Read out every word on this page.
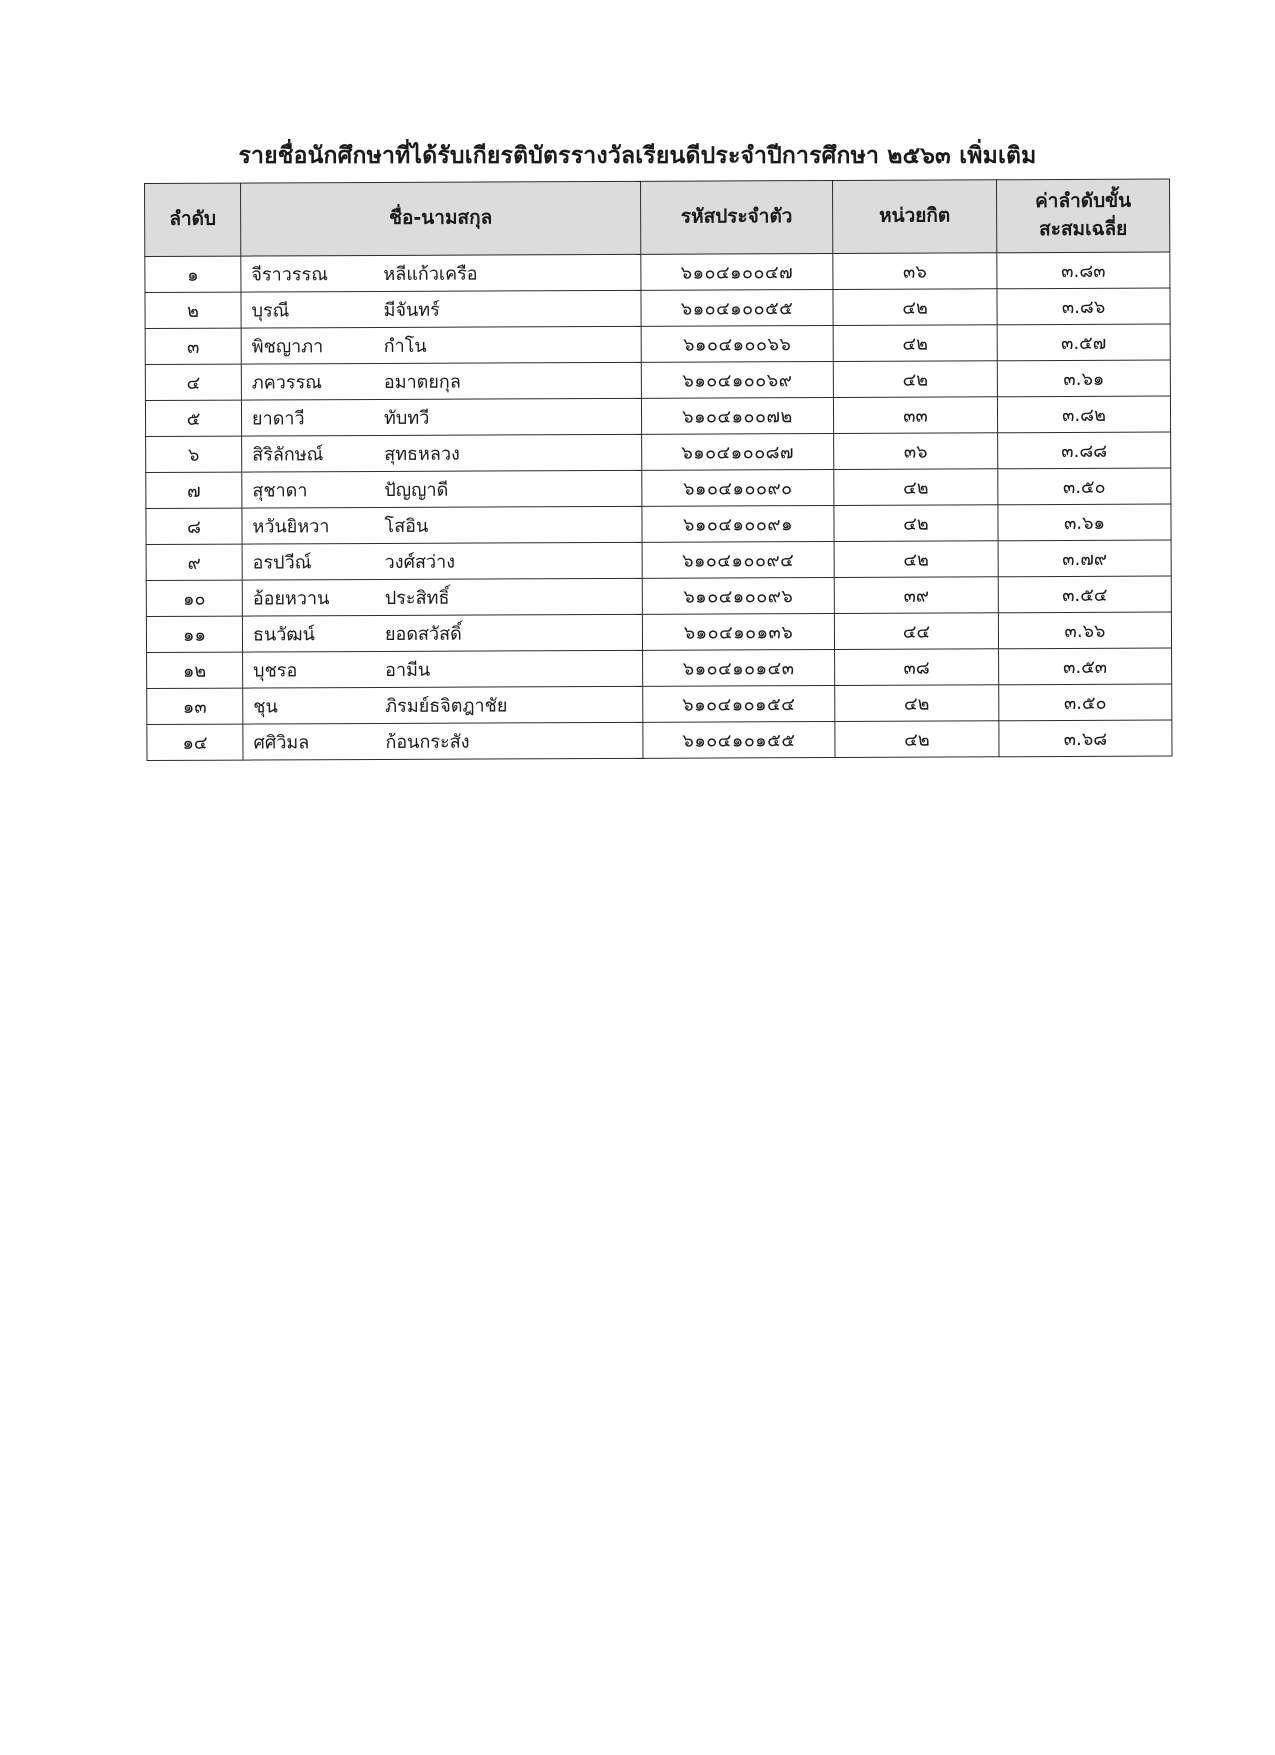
รายชื่อนักศึกษาที่ได้รับเกียรติบัตรรางวัลเรียนดีประจำปีการศึกษา ๒๕๖๓ เพิ่มเติม
ลำดับ	ชื่อ-นามสกุล	รหัสประจำตัว	หน่วยกิต	ค่าลำดับขั้น
สะสมเฉลี่ย
๑	จีราวรรณ หลีแก้วเครือ	๖๑๐๔๑๐๐๔๗	๓๖	๓.๘๓
๒	บุรณี มีจันทร์	๖๑๐๔๑๐๐๕๕	๔๒	๓.๘๖
๓	พิชญาภา กำโน	๖๑๐๔๑๐๐๖๖	๔๒	๓.๕๗
๔	ภควรรณ อมาตยกุล	๖๑๐๔๑๐๐๖๙	๔๒	๓.๖๑
๕	ยาดาวี ทับทวี	๖๑๐๔๑๐๐๗๒	๓๓	๓.๘๒
๖	สิริลักษณ์ สุทธหลวง	๖๑๐๔๑๐๐๘๗	๓๖	๓.๘๘
๗	สุชาดา ปัญญาดี	๖๑๐๔๑๐๐๙๐	๔๒	๓.๕๐
๘	หวันยิหวา โสอิน	๖๑๐๔๑๐๐๙๑	๔๒	๓.๖๑
๙	อรปวีณ์ วงศ์สว่าง	๖๑๐๔๑๐๐๙๔	๔๒	๓.๗๙
๑๐	อ้อยหวาน ประสิทธิ์	๖๑๐๔๑๐๐๙๖	๓๙	๓.๕๔
๑๑	ธนวัฒน์ ยอดสวัสดิ์	๖๑๐๔๑๐๑๓๖	๔๔	๓.๖๖
๑๒	บุชรอ อามีน	๖๑๐๔๑๐๑๔๓	๓๘	๓.๕๓
๑๓	ชุน ภิรมย์ธจิตฎาชัย	๖๑๐๔๑๐๑๕๔	๔๒	๓.๕๐
๑๔	ศศิวิมล ก้อนกระสัง	๖๑๐๔๑๐๑๕๕	๔๒	๓.๖๘
